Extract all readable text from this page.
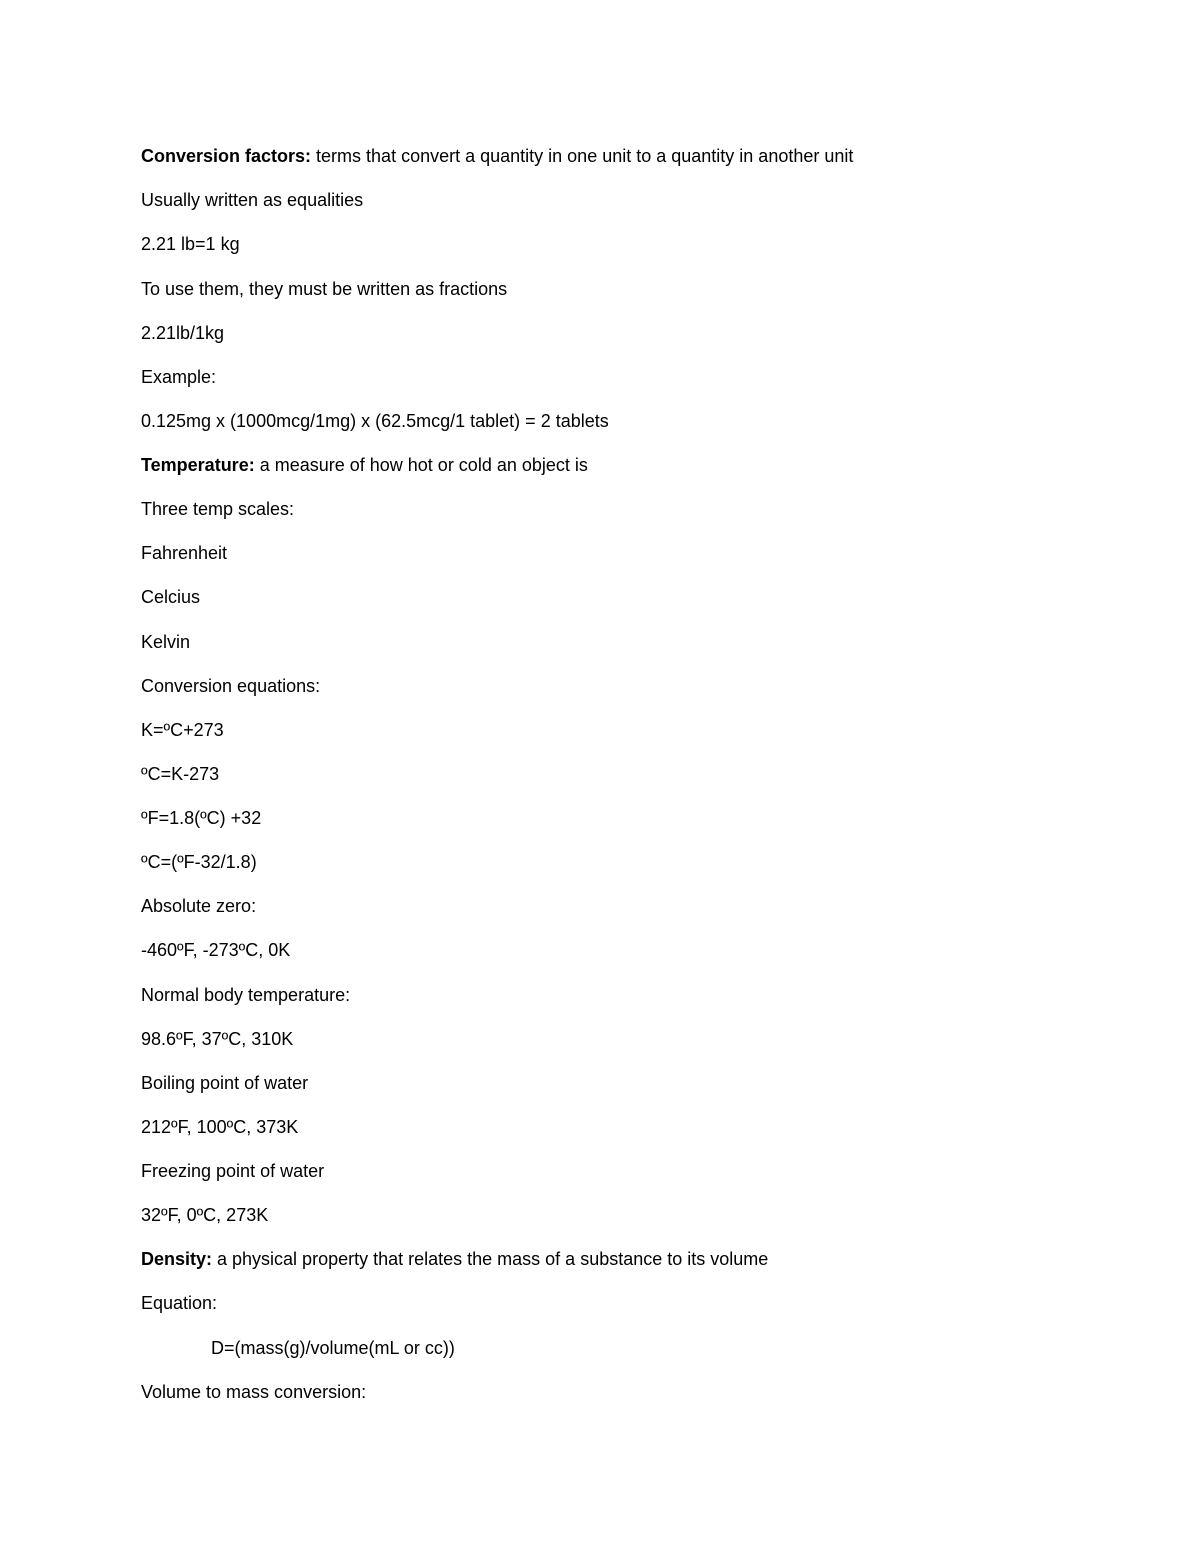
Conversion factors: terms that convert a quantity in one unit to a quantity in another unit
Usually written as equalities
2.21 lb=1 kg
To use them, they must be written as fractions
2.21lb/1kg
Example:
0.125mg x (1000mcg/1mg) x (62.5mcg/1 tablet) = 2 tablets
Temperature: a measure of how hot or cold an object is
Three temp scales:
Fahrenheit
Celcius
Kelvin
Conversion equations:
K=ºC+273
ºC=K-273
ºF=1.8(ºC) +32
ºC=(ºF-32/1.8)
Absolute zero:
-460ºF, -273ºC, 0K
Normal body temperature:
98.6ºF, 37ºC, 310K
Boiling point of water
212ºF, 100ºC, 373K
Freezing point of water
32ºF, 0ºC, 273K
Density: a physical property that relates the mass of a substance to its volume
Equation:
D=(mass(g)/volume(mL or cc))
Volume to mass conversion:
